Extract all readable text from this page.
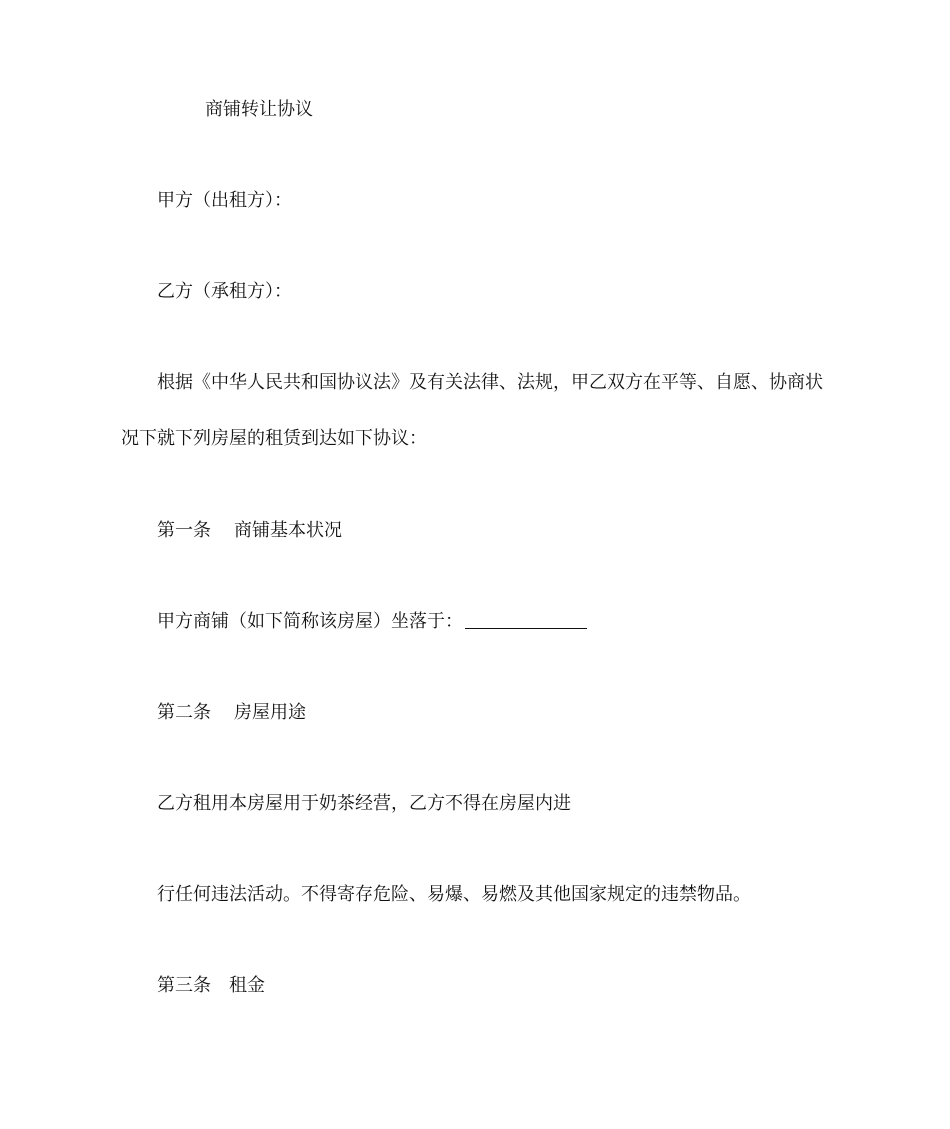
商铺转让协议
甲方（出租方）：
乙方（承租方）：
根据《中华人民共和国协议法》及有关法律、法规，甲乙双方在平等、自愿、协商状
况下就下列房屋的租赁到达如下协议：
第一条 商铺基本状况
甲方商铺（如下简称该房屋）坐落于：
第二条 房屋用途
乙方租用本房屋用于奶茶经营，乙方不得在房屋内进
行任何违法活动。不得寄存危险、易爆、易燃及其他国家规定的违禁物品。
第三条 租金
